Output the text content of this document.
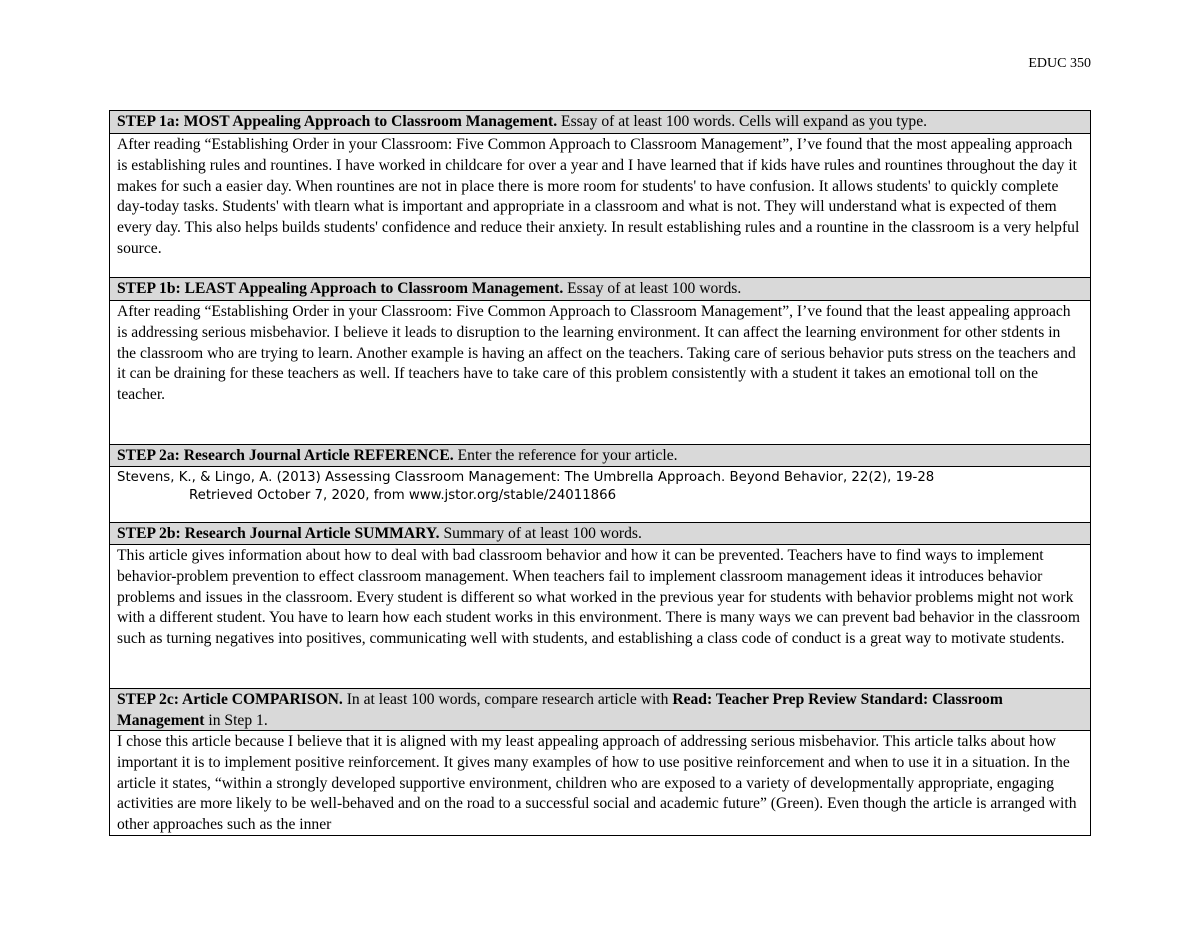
EDUC 350
STEP 1a: MOST Appealing Approach to Classroom Management. Essay of at least 100 words. Cells will expand as you type.
After reading “Establishing Order in your Classroom: Five Common Approach to Classroom Management”, I’ve found that the most appealing approach is establishing rules and rountines. I have worked in childcare for over a year and I have learned that if kids have rules and rountines throughout the day it makes for such a easier day. When rountines are not in place there is more room for students' to have confusion. It allows students' to quickly complete day-today tasks. Students' with tlearn what is important and appropriate in a classroom and what is not. They will understand what is expected of them every day. This also helps builds students' confidence and reduce their anxiety. In result establishing rules and a rountine in the classroom is a very helpful source.
STEP 1b: LEAST Appealing Approach to Classroom Management. Essay of at least 100 words.
After reading “Establishing Order in your Classroom: Five Common Approach to Classroom Management”, I’ve found that the least appealing approach is addressing serious misbehavior. I believe it leads to disruption to the learning environment. It can affect the learning environment for other stdents in the classroom who are trying to learn. Another example is having an affect on the teachers. Taking care of serious behavior puts stress on the teachers and it can be draining for these teachers as well. If teachers have to take care of this problem consistently with a student it takes an emotional toll on the teacher.
STEP 2a: Research Journal Article REFERENCE. Enter the reference for your article.
Stevens, K., & Lingo, A. (2013) Assessing Classroom Management: The Umbrella Approach. Beyond Behavior, 22(2), 19-28
Retrieved October 7, 2020, from www.jstor.org/stable/24011866
STEP 2b: Research Journal Article SUMMARY. Summary of at least 100 words.
This article gives information about how to deal with bad classroom behavior and how it can be prevented. Teachers have to find ways to implement behavior-problem prevention to effect classroom management. When teachers fail to implement classroom management ideas it introduces behavior problems and issues in the classroom. Every student is different so what worked in the previous year for students with behavior problems might not work with a different student. You have to learn how each student works in this environment. There is many ways we can prevent bad behavior in the classroom such as turning negatives into positives, communicating well with students, and establishing a class code of conduct is a great way to motivate students.
STEP 2c: Article COMPARISON. In at least 100 words, compare research article with Read: Teacher Prep Review Standard: Classroom Management in Step 1.
I chose this article because I believe that it is aligned with my least appealing approach of addressing serious misbehavior. This article talks about how important it is to implement positive reinforcement. It gives many examples of how to use positive reinforcement and when to use it in a situation. In the article it states, “within a strongly developed supportive environment, children who are exposed to a variety of developmentally appropriate, engaging activities are more likely to be well-behaved and on the road to a successful social and academic future” (Green). Even though the article is arranged with other approaches such as the inner
